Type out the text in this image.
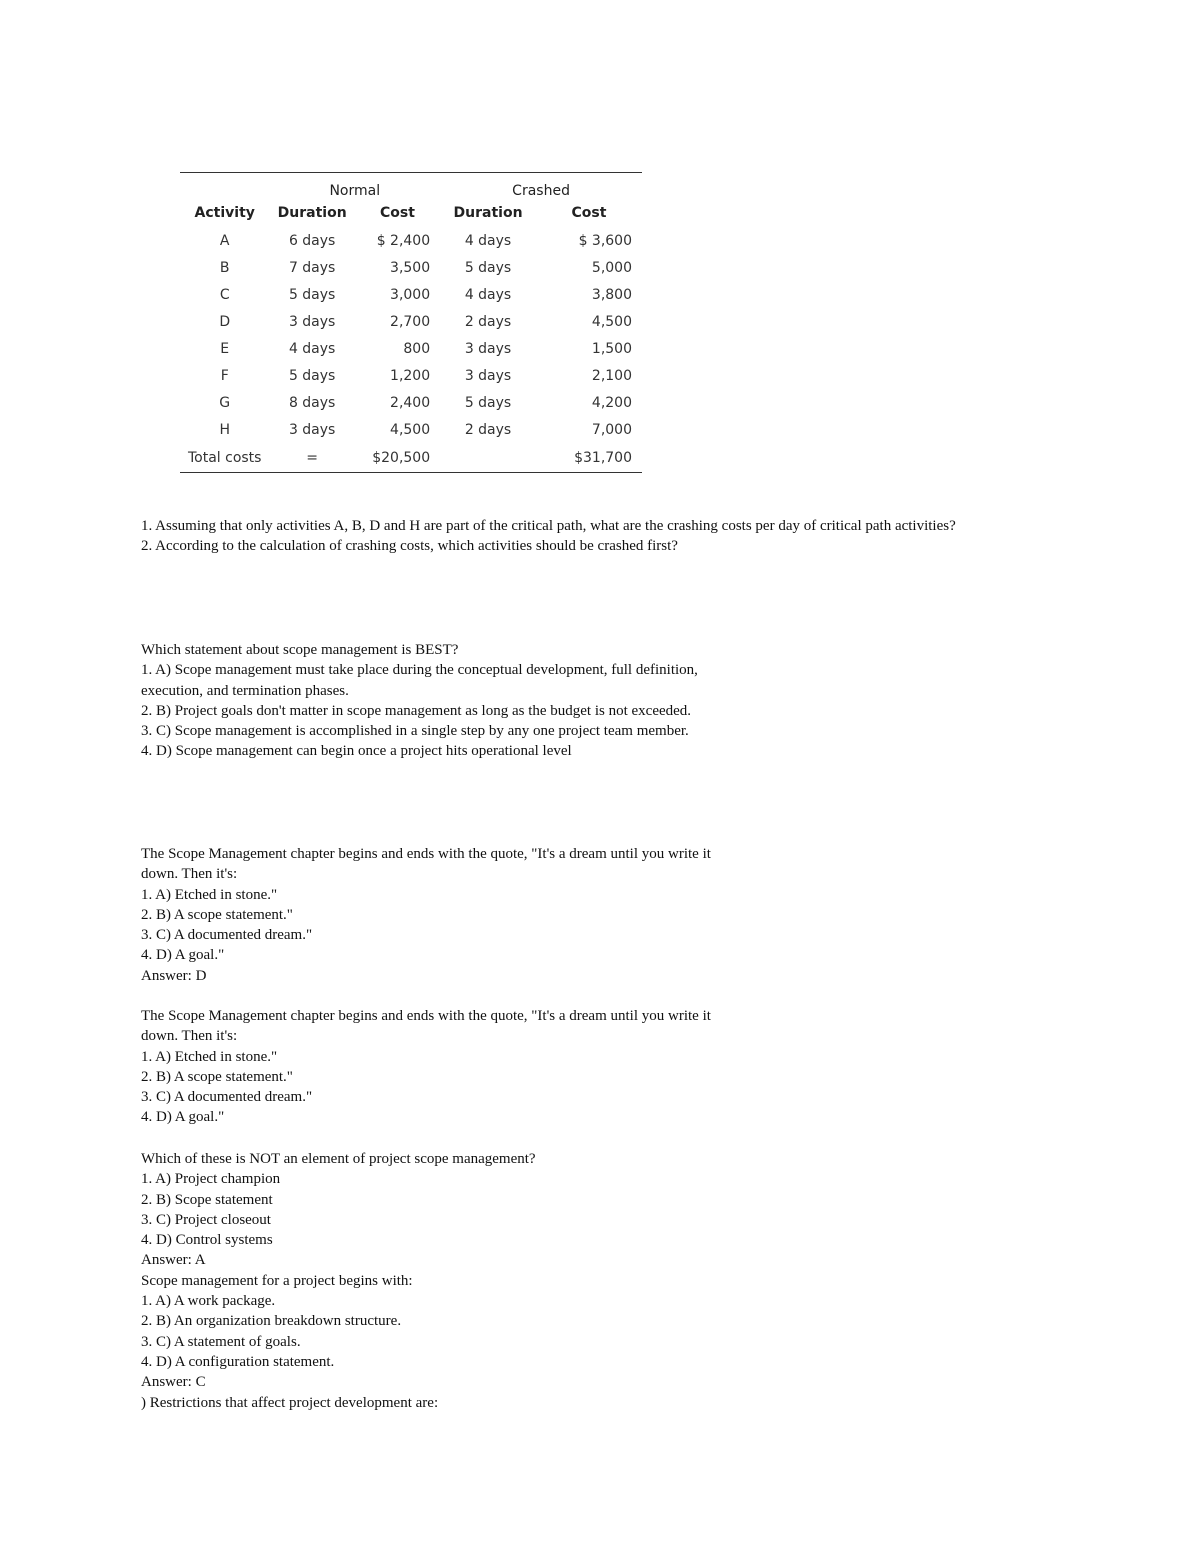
	Normal		Crashed	
Activity	Duration	Cost	Duration	Cost
A	6 days	$ 2,400	4 days	$ 3,600
B	7 days	3,500	5 days	5,000
C	5 days	3,000	4 days	3,800
D	3 days	2,700	2 days	4,500
E	4 days	800	3 days	1,500
F	5 days	1,200	3 days	2,100
G	8 days	2,400	5 days	4,200
H	3 days	4,500	2 days	7,000
Total costs	=	$20,500		$31,700

1. Assuming that only activities A, B, D and H are part of the critical path, what are the crashing costs per day of critical path activities?

2. According to the calculation of crashing costs, which activities should be crashed first?

Which statement about scope management is BEST?

1. A) Scope management must take place during the conceptual development, full definition, execution, and termination phases.

2. B) Project goals don't matter in scope management as long as the budget is not exceeded.

3. C) Scope management is accomplished in a single step by any one project team member.

4. D) Scope management can begin once a project hits operational level

The Scope Management chapter begins and ends with the quote, "It's a dream until you write it down. Then it's:

1. A) Etched in stone."

2. B) A scope statement."

3. C) A documented dream."

4. D) A goal."

Answer: D

The Scope Management chapter begins and ends with the quote, "It's a dream until you write it down. Then it's:

1. A) Etched in stone."

2. B) A scope statement."

3. C) A documented dream."

4. D) A goal."

Which of these is NOT an element of project scope management?

1. A) Project champion

2. B) Scope statement

3. C) Project closeout

4. D) Control systems

Answer: A

Scope management for a project begins with:

1. A) A work package.

2. B) An organization breakdown structure.

3. C) A statement of goals.

4. D) A configuration statement.

Answer: C

) Restrictions that affect project development are:
